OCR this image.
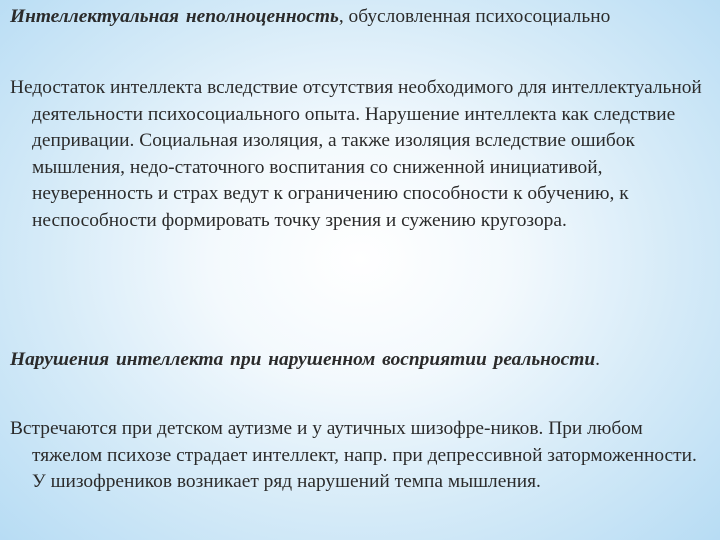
Интеллектуальная неполноценность, обусловленная психосоциально

Недостаток интеллекта вследствие отсутствия необходимого для интеллектуальной деятельности психосоциального опыта. Нарушение интеллекта как следствие депривации. Социальная изоляция, а также изоляция вследствие ошибок мышления, недо-статочного воспитания со сниженной инициативой, неуверенность и страх ведут к ограничению способности к обучению, к неспособности формировать точку зрения и сужению кругозора.

Нарушения интеллекта при нарушенном восприятии реальности.

Встречаются при детском аутизме и у аутичных шизофре-ников. При любом тяжелом психозе страдает интеллект, напр. при депрессивной заторможенности. У шизофреников возникает ряд нарушений темпа мышления.
